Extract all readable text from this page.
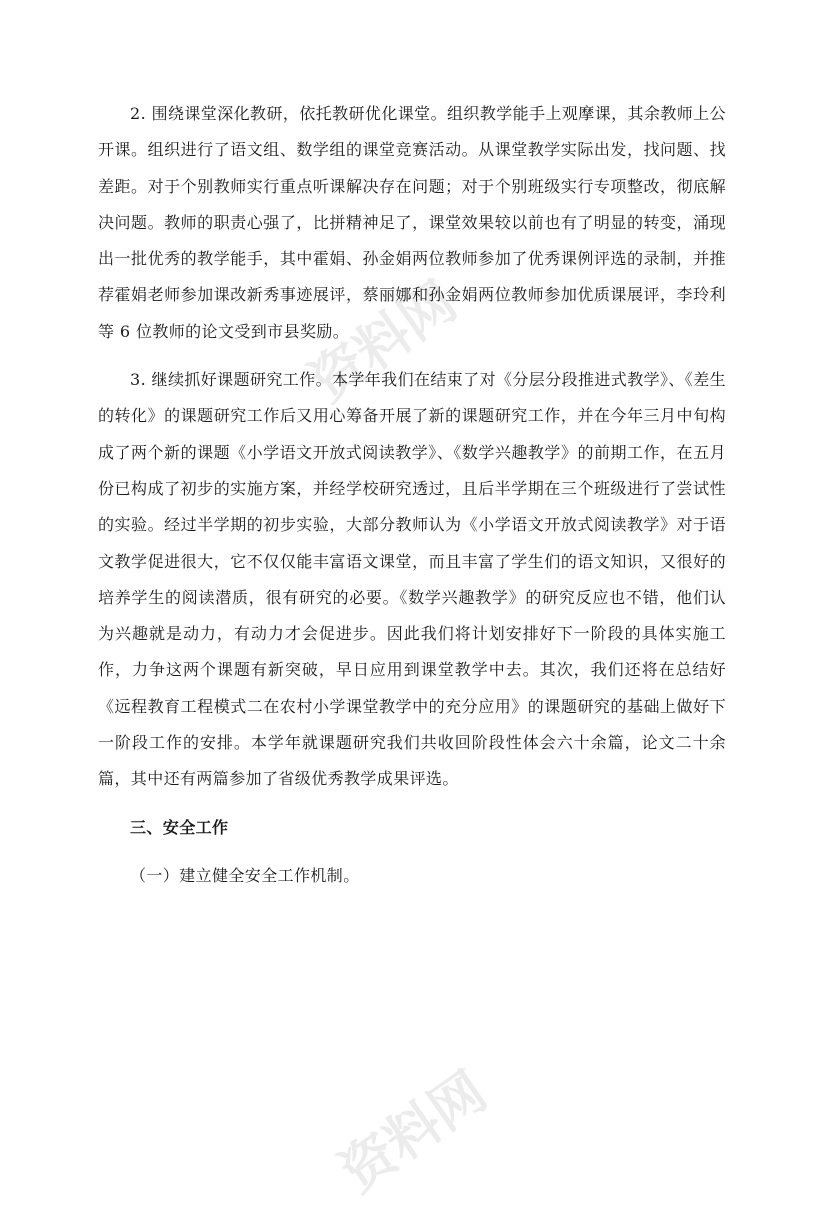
资料网
资料网

2. 围绕课堂深化教研，依托教研优化课堂。组织教学能手上观摩课，其余教师上公开课。组织进行了语文组、数学组的课堂竞赛活动。从课堂教学实际出发，找问题、找差距。对于个别教师实行重点听课解决存在问题；对于个别班级实行专项整改，彻底解决问题。教师的职责心强了，比拼精神足了，课堂效果较以前也有了明显的转变，涌现出一批优秀的教学能手，其中霍娟、孙金娟两位教师参加了优秀课例评选的录制，并推荐霍娟老师参加课改新秀事迹展评，蔡丽娜和孙金娟两位教师参加优质课展评，李玲利等 6 位教师的论文受到市县奖励。

3. 继续抓好课题研究工作。本学年我们在结束了对《分层分段推进式教学》、《差生的转化》的课题研究工作后又用心筹备开展了新的课题研究工作，并在今年三月中旬构成了两个新的课题《小学语文开放式阅读教学》、《数学兴趣教学》的前期工作，在五月份已构成了初步的实施方案，并经学校研究透过，且后半学期在三个班级进行了尝试性的实验。经过半学期的初步实验，大部分教师认为《小学语文开放式阅读教学》对于语文教学促进很大，它不仅仅能丰富语文课堂，而且丰富了学生们的语文知识，又很好的培养学生的阅读潜质，很有研究的必要。《数学兴趣教学》的研究反应也不错，他们认为兴趣就是动力，有动力才会促进步。因此我们将计划安排好下一阶段的具体实施工作，力争这两个课题有新突破，早日应用到课堂教学中去。其次，我们还将在总结好《远程教育工程模式二在农村小学课堂教学中的充分应用》的课题研究的基础上做好下一阶段工作的安排。本学年就课题研究我们共收回阶段性体会六十余篇，论文二十余篇，其中还有两篇参加了省级优秀教学成果评选。

三、安全工作

（一）建立健全安全工作机制。
